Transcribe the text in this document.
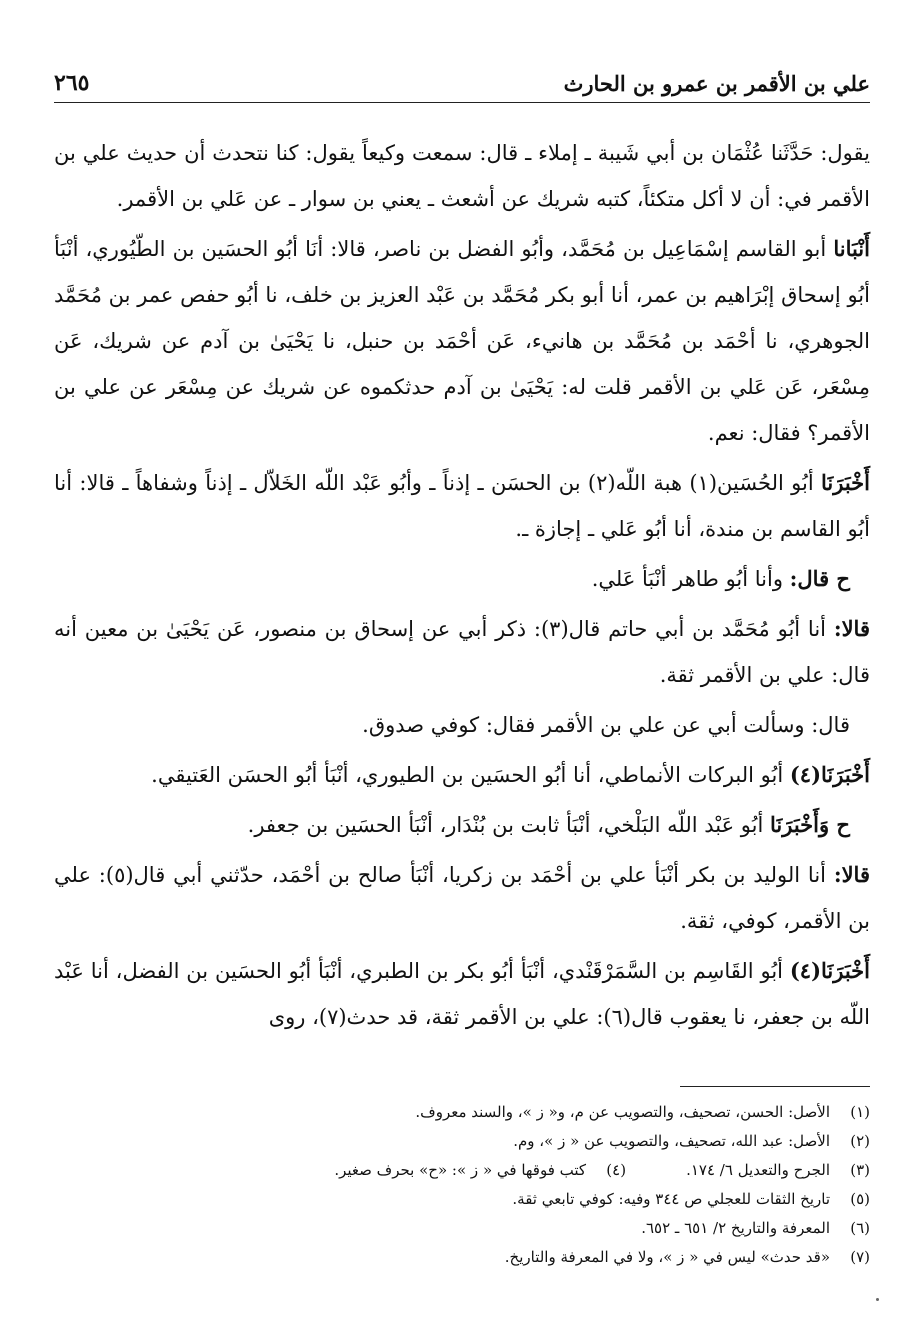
علي بن الأقمر بن عمرو بن الحارث
٢٦٥

يقول: حَدَّثَنا عُثْمَان بن أبي شَيبة ـ إملاء ـ قال: سمعت وكيعاً يقول: كنا نتحدث أن حديث علي بن الأقمر في: أن لا أكل متكئاً، كتبه شريك عن أشعث ـ يعني بن سوار ـ عن عَلي بن الأقمر.

أَنْبَانا أبو القاسم إسْمَاعِيل بن مُحَمَّد، وأبُو الفضل بن ناصر، قالا: أنَا أبُو الحسَين بن الطّيُوري، أنْبَأ أبُو إسحاق إبْرَاهيم بن عمر، أنا أبو بكر مُحَمَّد بن عَبْد العزيز بن خلف، نا أبُو حفص عمر بن مُحَمَّد الجوهري، نا أحْمَد بن مُحَمَّد بن هانيء، عَن أحْمَد بن حنبل، نا يَحْيَىٰ بن آدم عن شريك، عَن مِسْعَر، عَن عَلي بن الأقمر قلت له: يَحْيَىٰ بن آدم حدثكموه عن شريك عن مِسْعَر عن علي بن الأقمر؟ فقال: نعم.

أَخْبَرَنَا أبُو الحُسَين(١) هبة اللّه(٢) بن الحسَن ـ إذناً ـ وأبُو عَبْد اللّه الخَلاّل ـ إذناً وشفاهاً ـ قالا: أنا أبُو القاسم بن مندة، أنا أبُو عَلي ـ إجازة ـ.

ح قال: وأنا أبُو طاهر أنْبَأ عَلي.

قالا: أنا أبُو مُحَمَّد بن أبي حاتم قال(٣): ذكر أبي عن إسحاق بن منصور، عَن يَحْيَىٰ بن معين أنه قال: علي بن الأقمر ثقة.

قال: وسألت أبي عن علي بن الأقمر فقال: كوفي صدوق.

أَخْبَرَنَا(٤) أبُو البركات الأنماطي، أنا أبُو الحسَين بن الطيوري، أنْبَأ أبُو الحسَن العَتيقي.

ح وَأَخْبَرَنَا أبُو عَبْد اللّه البَلْخي، أنْبَأ ثابت بن بُنْدَار، أنْبَأ الحسَين بن جعفر.

قالا: أنا الوليد بن بكر أنْبَأ علي بن أحْمَد بن زكريا، أنْبَأ صالح بن أحْمَد، حدّثني أبي قال(٥): علي بن الأقمر، كوفي، ثقة.

أَخْبَرَنَا(٤) أبُو القَاسِم بن السَّمَرْقَنْدي، أنْبَأ أبُو بكر بن الطبري، أنْبَأ أبُو الحسَين بن الفضل، أنا عَبْد اللّه بن جعفر، نا يعقوب قال(٦): علي بن الأقمر ثقة، قد حدث(٧)، روى

(١)
الأصل: الحسن، تصحيف، والتصويب عن م، و« ز »، والسند معروف.
(٢)
الأصل: عبد الله، تصحيف، والتصويب عن « ز »، وم.
(٣)
الجرح والتعديل ٦/ ١٧٤.
(٤)
كتب فوقها في « ز »: «ح» بحرف صغير.
(٥)
تاريخ الثقات للعجلي ص ٣٤٤ وفيه: كوفي تابعي ثقة.
(٦)
المعرفة والتاريخ ٢/ ٦٥١ ـ ٦٥٢.
(٧)
«قد حدث» ليس في « ز »، ولا في المعرفة والتاريخ.
